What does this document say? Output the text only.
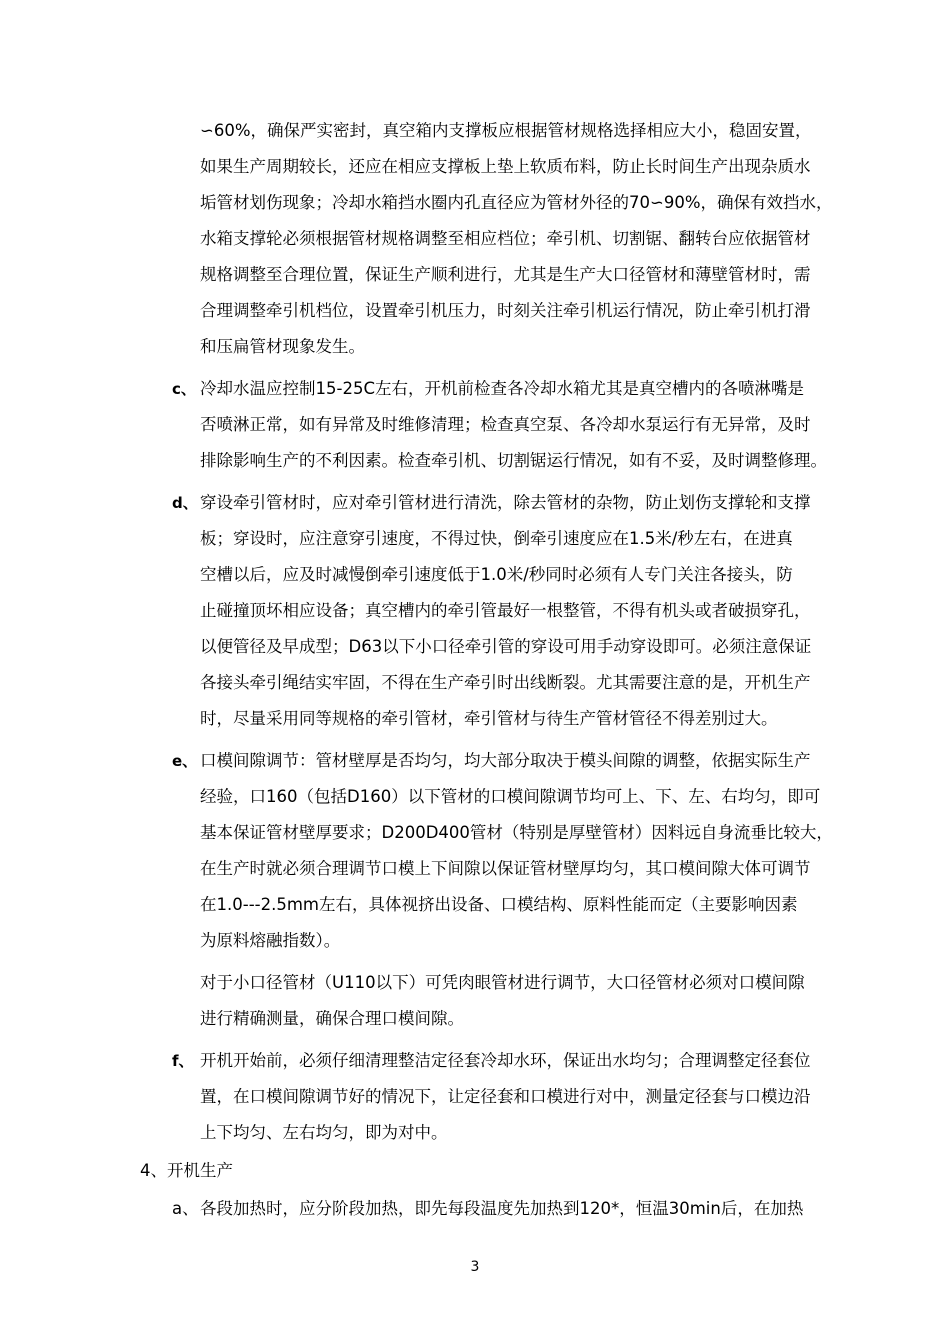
∽60%，确保严实密封，真空箱内支撑板应根据管材规格选择相应大小，稳固安置，
如果生产周期较长，还应在相应支撑板上垫上软质布料，防止长时间生产出现杂质水
垢管材划伤现象；冷却水箱挡水圈内孔直径应为管材外径的70∽90%，确保有效挡水，
水箱支撑轮必须根据管材规格调整至相应档位；牵引机、切割锯、翻转台应依据管材
规格调整至合理位置，保证生产顺利进行，尤其是生产大口径管材和薄壁管材时，需
合理调整牵引机档位，设置牵引机压力，时刻关注牵引机运行情况，防止牵引机打滑
和压扁管材现象发生。
c、 冷却水温应控制15-25C左右，开机前检查各冷却水箱尤其是真空槽内的各喷淋嘴是
否喷淋正常，如有异常及时维修清理；检查真空泵、各冷却水泵运行有无异常，及时
排除影响生产的不利因素。检查牵引机、切割锯运行情况，如有不妥，及时调整修理。
d、 穿设牵引管材时，应对牵引管材进行清洗，除去管材的杂物，防止划伤支撑轮和支撑
板；穿设时，应注意穿引速度，不得过快，倒牵引速度应在1.5米/秒左右，在进真
空槽以后，应及时减慢倒牵引速度低于1.0米/秒同时必须有人专门关注各接头，防
止碰撞顶坏相应设备；真空槽内的牵引管最好一根整管，不得有机头或者破损穿孔，
以便管径及早成型；D63以下小口径牵引管的穿设可用手动穿设即可。必须注意保证
各接头牵引绳结实牢固，不得在生产牵引时出线断裂。尤其需要注意的是，开机生产
时，尽量采用同等规格的牵引管材，牵引管材与待生产管材管径不得差别过大。
e、 口模间隙调节：管材壁厚是否均匀，均大部分取决于模头间隙的调整，依据实际生产
经验，口160（包括D160）以下管材的口模间隙调节均可上、下、左、右均匀，即可
基本保证管材壁厚要求；D200D400管材（特别是厚壁管材）因料远自身流垂比较大，
在生产时就必须合理调节口模上下间隙以保证管材壁厚均匀，其口模间隙大体可调节
在1.0---2.5mm左右，具体视挤出设备、口模结构、原料性能而定（主要影响因素
为原料熔融指数）。
对于小口径管材（U110以下）可凭肉眼管材进行调节，大口径管材必须对口模间隙
进行精确测量，确保合理口模间隙。
f、 开机开始前，必须仔细清理整洁定径套冷却水环，保证出水均匀；合理调整定径套位
置，在口模间隙调节好的情况下，让定径套和口模进行对中，测量定径套与口模边沿
上下均匀、左右均匀，即为对中。
4、开机生产
a、 各段加热时，应分阶段加热，即先每段温度先加热到120*，恒温30min后，在加热
3
